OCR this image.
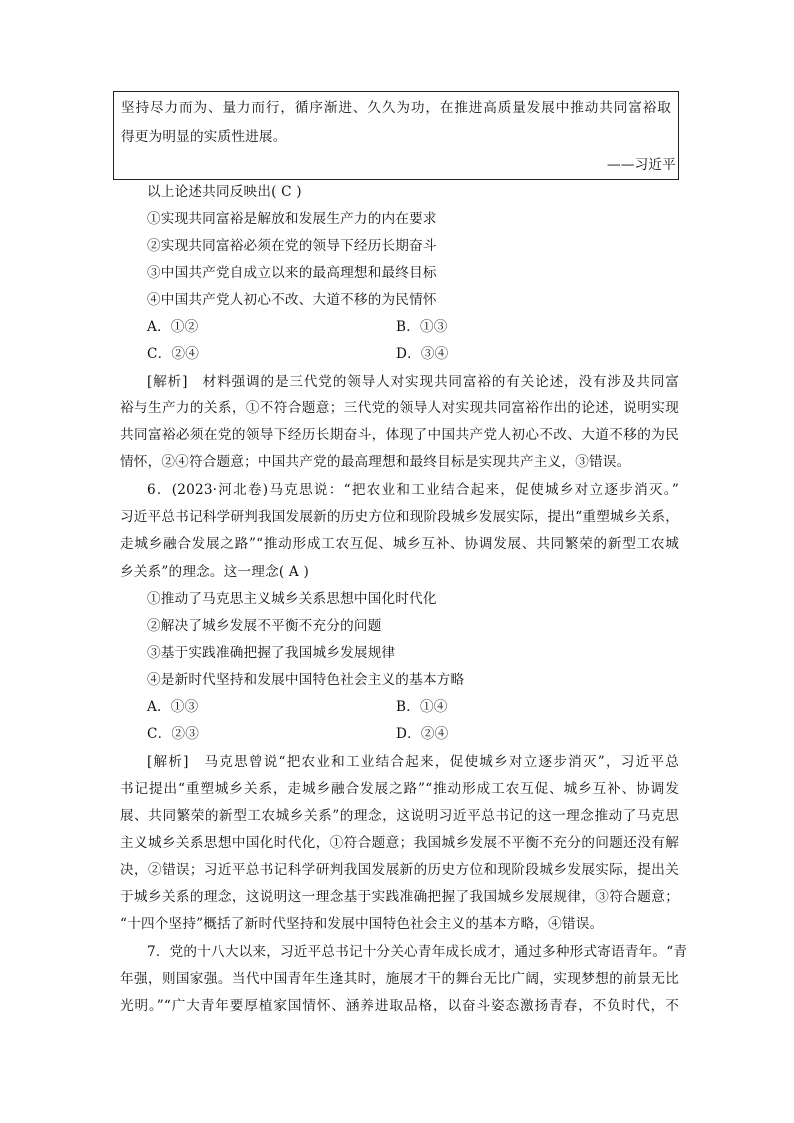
坚持尽力而为、量力而行，循序渐进、久久为功，在推进高质量发展中推动共同富裕取
得更为明显的实质性进展。
——习近平
以上论述共同反映出( C )
①实现共同富裕是解放和发展生产力的内在要求
②实现共同富裕必须在党的领导下经历长期奋斗
③中国共产党自成立以来的最高理想和最终目标
④中国共产党人初心不改、大道不移的为民情怀
A．①②	B．①③
C．②④	D．③④
[解析]　材料强调的是三代党的领导人对实现共同富裕的有关论述，没有涉及共同富
裕与生产力的关系，①不符合题意；三代党的领导人对实现共同富裕作出的论述，说明实现
共同富裕必须在党的领导下经历长期奋斗，体现了中国共产党人初心不改、大道不移的为民
情怀，②④符合题意；中国共产党的最高理想和最终目标是实现共产主义，③错误。
6．(2023·河北卷)马克思说：“把农业和工业结合起来，促使城乡对立逐步消灭。”
习近平总书记科学研判我国发展新的历史方位和现阶段城乡发展实际，提出“重塑城乡关系，
走城乡融合发展之路”“推动形成工农互促、城乡互补、协调发展、共同繁荣的新型工农城
乡关系”的理念。这一理念( A )
①推动了马克思主义城乡关系思想中国化时代化
②解决了城乡发展不平衡不充分的问题
③基于实践准确把握了我国城乡发展规律
④是新时代坚持和发展中国特色社会主义的基本方略
A．①③	B．①④
C．②③	D．②④
[解析]　马克思曾说“把农业和工业结合起来，促使城乡对立逐步消灭”，习近平总
书记提出“重塑城乡关系，走城乡融合发展之路”“推动形成工农互促、城乡互补、协调发
展、共同繁荣的新型工农城乡关系”的理念，这说明习近平总书记的这一理念推动了马克思
主义城乡关系思想中国化时代化，①符合题意；我国城乡发展不平衡不充分的问题还没有解
决，②错误；习近平总书记科学研判我国发展新的历史方位和现阶段城乡发展实际，提出关
于城乡关系的理念，这说明这一理念基于实践准确把握了我国城乡发展规律，③符合题意；
“十四个坚持”概括了新时代坚持和发展中国特色社会主义的基本方略，④错误。
7．党的十八大以来，习近平总书记十分关心青年成长成才，通过多种形式寄语青年。“青
年强，则国家强。当代中国青年生逢其时，施展才干的舞台无比广阔，实现梦想的前景无比
光明。”“广大青年要厚植家国情怀、涵养进取品格，以奋斗姿态激扬青春，不负时代，不
